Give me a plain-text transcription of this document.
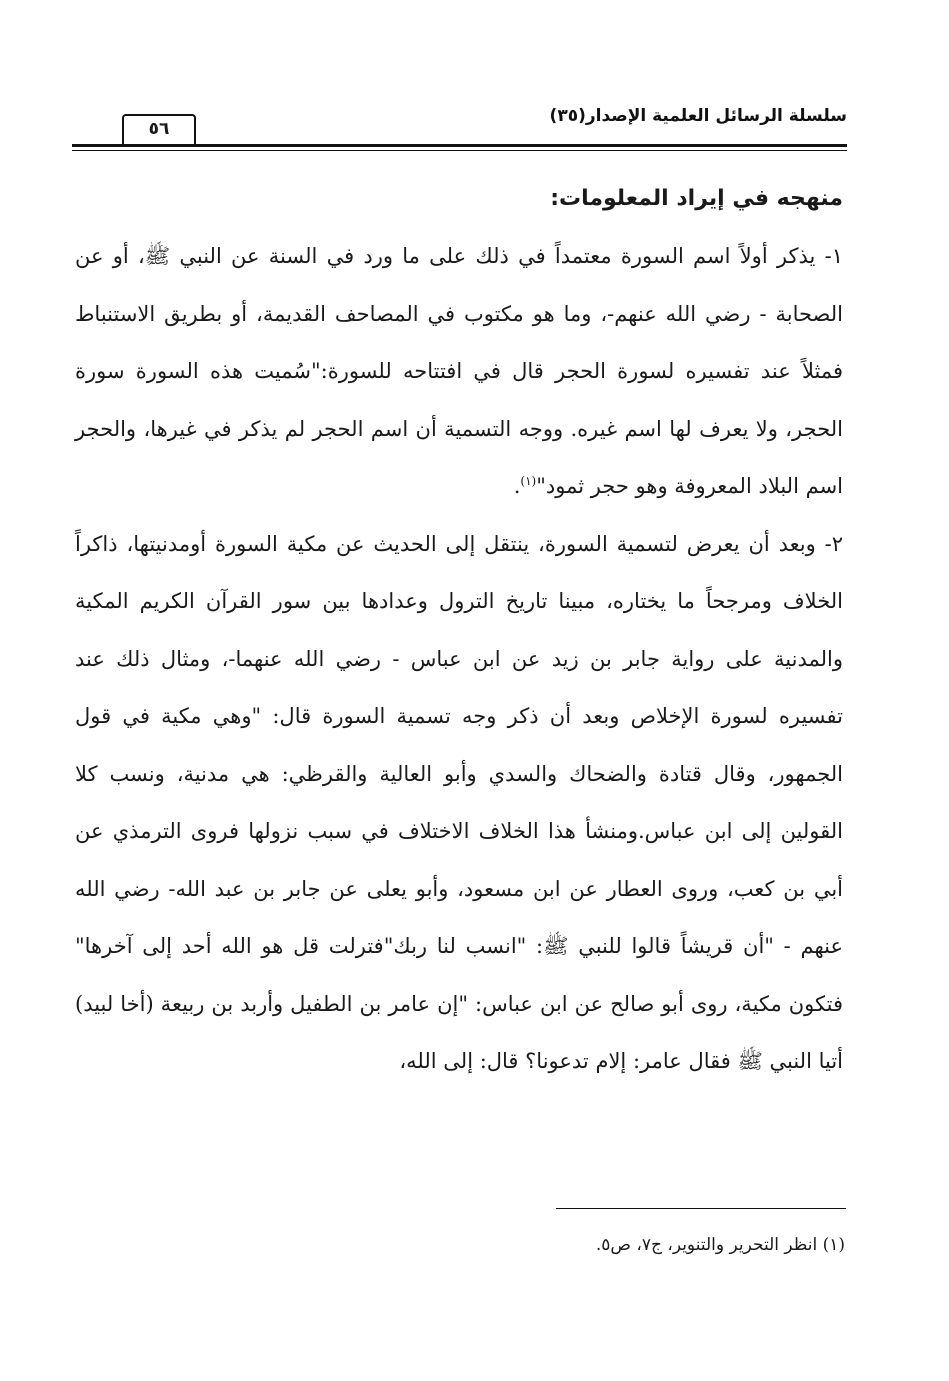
سلسلة الرسائل العلمية الإصدار(٣٥)
٥٦
منهجه في إيراد المعلومات:

١- يذكر أولاً اسم السورة معتمداً في ذلك على ما ورد في السنة عن النبي ﷺ، أو عن الصحابة - رضي الله عنهم-، وما هو مكتوب في المصاحف القديمة، أو بطريق الاستنباط فمثلاً عند تفسيره لسورة الحجر قال في افتتاحه للسورة:"سُميت هذه السورة سورة الحجر، ولا يعرف لها اسم غيره. ووجه التسمية أن اسم الحجر لم يذكر في غيرها، والحجر اسم البلاد المعروفة وهو حجر ثمود"$^{(١)}$.

٢- وبعد أن يعرض لتسمية السورة، ينتقل إلى الحديث عن مكية السورة أومدنيتها، ذاكراً الخلاف ومرجحاً ما يختاره، مبينا تاريخ الترول وعدادها بين سور القرآن الكريم المكية والمدنية على رواية جابر بن زيد عن ابن عباس - رضي الله عنهما-، ومثال ذلك عند تفسيره لسورة الإخلاص وبعد أن ذكر وجه تسمية السورة قال: "وهي مكية في قول الجمهور، وقال قتادة والضحاك والسدي وأبو العالية والقرظي: هي مدنية، ونسب كلا القولين إلى ابن عباس.ومنشأ هذا الخلاف الاختلاف في سبب نزولها فروى الترمذي عن أبي بن كعب، وروى العطار عن ابن مسعود، وأبو يعلى عن جابر بن عبد الله- رضي الله عنهم - "أن قريشاً قالوا للنبي ﷺ: "انسب لنا ربك"فترلت قل هو الله أحد إلى آخرها" فتكون مكية، روى أبو صالح عن ابن عباس: "إن عامر بن الطفيل وأربد بن ربيعة (أخا لبيد) أتيا النبي ﷺ فقال عامر: إلام تدعونا؟ قال: إلى الله،

(١) انظر التحرير والتنوير، ج٧، ص٥.
